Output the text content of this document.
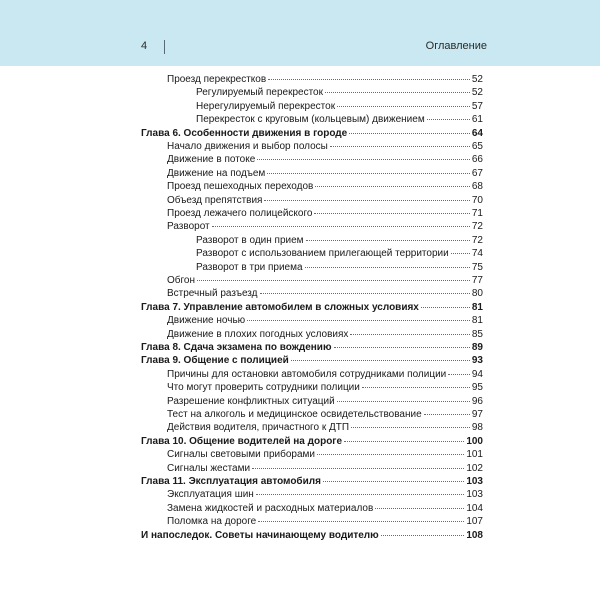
4	Оглавление
Проезд перекрестков	52
Регулируемый перекресток	52
Нерегулируемый перекресток	57
Перекресток с круговым (кольцевым) движением	61
Глава 6. Особенности движения в городе	64
Начало движения и выбор полосы	65
Движение в потоке	66
Движение на подъем	67
Проезд пешеходных переходов	68
Объезд препятствия	70
Проезд лежачего полицейского	71
Разворот	72
Разворот в один прием	72
Разворот с использованием прилегающей территории 74
Разворот в три приема	75
Обгон	77
Встречный разъезд	80
Глава 7. Управление автомобилем в сложных условиях	81
Движение ночью	81
Движение в плохих погодных условиях	85
Глава 8. Сдача экзамена по вождению	89
Глава 9. Общение с полицией	93
Причины для остановки автомобиля сотрудниками полиции	94
Что могут проверить сотрудники полиции	95
Разрешение конфликтных ситуаций	96
Тест на алкоголь и медицинское освидетельствование	97
Действия водителя, причастного к ДТП	98
Глава 10. Общение водителей на дороге	100
Сигналы световыми приборами	101
Сигналы жестами	102
Глава 11. Эксплуатация автомобиля	103
Эксплуатация шин	103
Замена жидкостей и расходных материалов	104
Поломка на дороге	107
И напоследок. Советы начинающему водителю	108
